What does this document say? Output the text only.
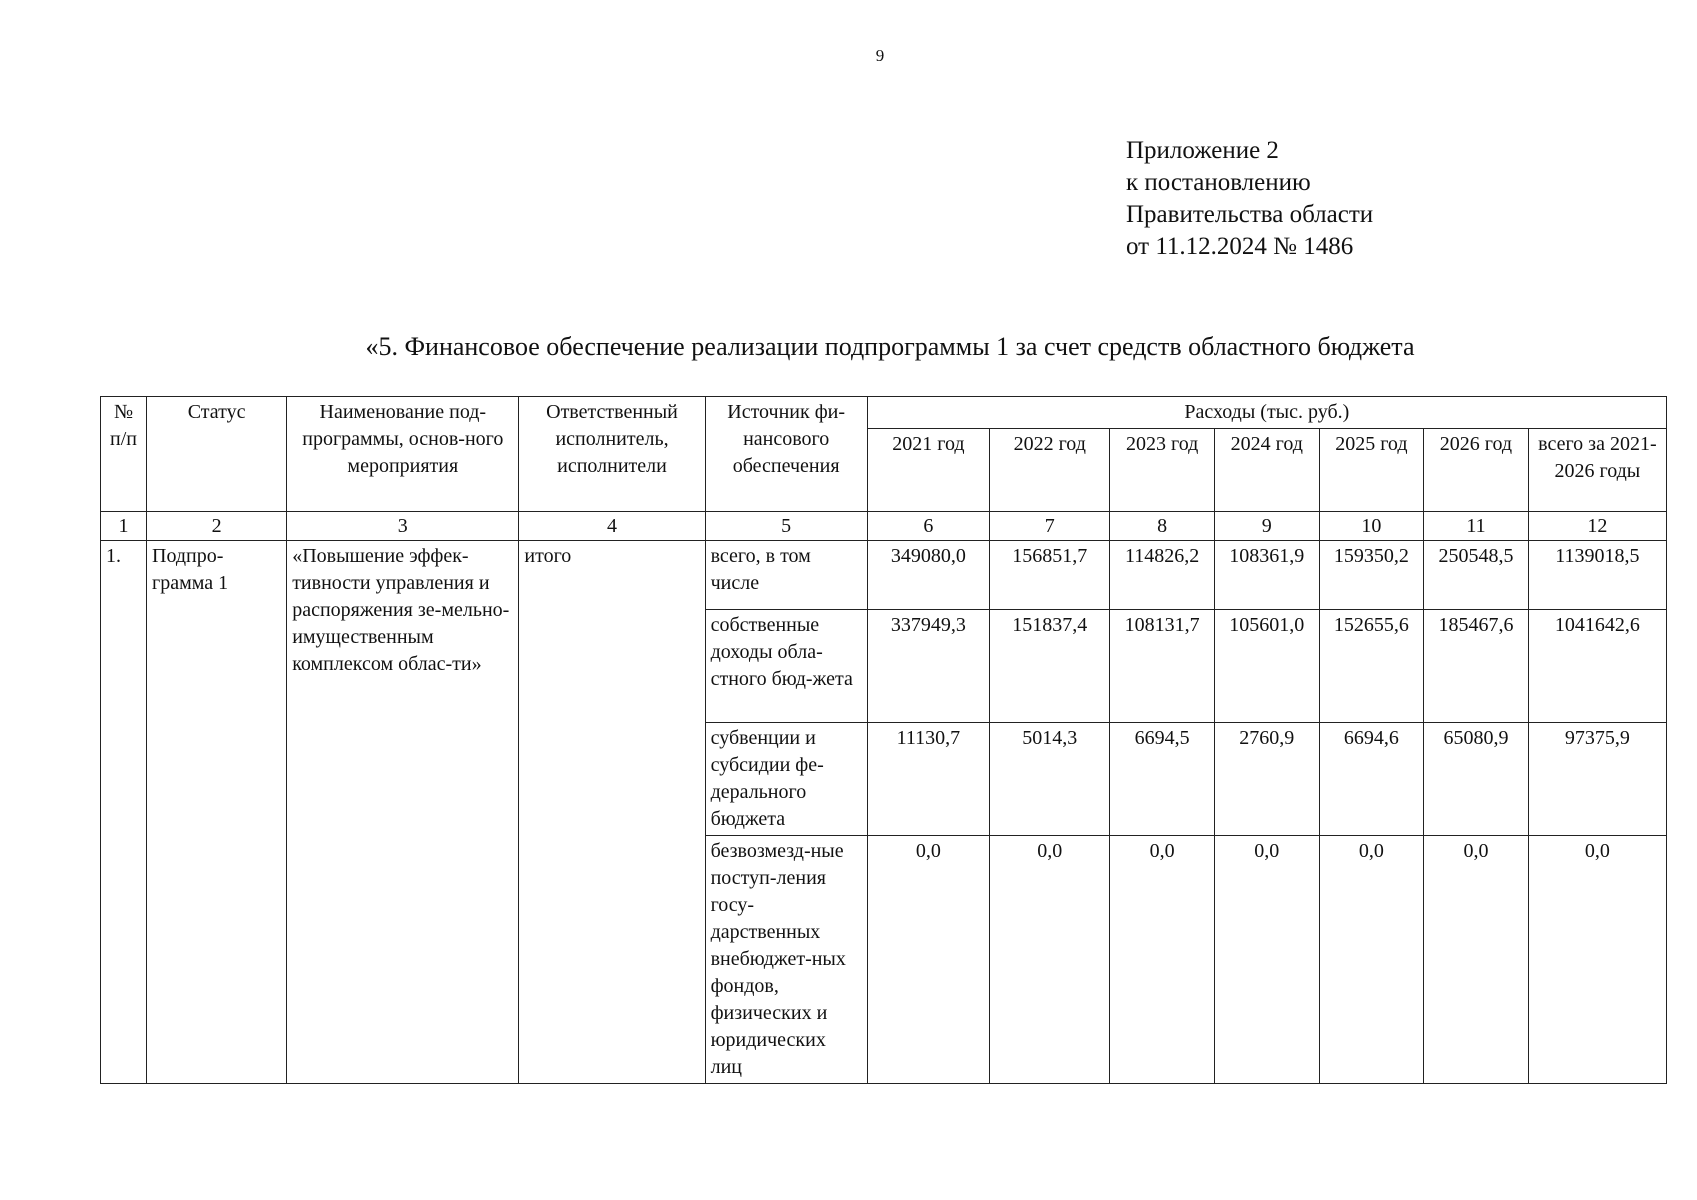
9
Приложение 2
к постановлению
Правительства области
от 11.12.2024 № 1486
«5. Финансовое обеспечение реализации подпрограммы 1 за счет средств областного бюджета
№ п/п	Статус	Наименование под-программы, основ-ного мероприятия	Ответственный исполнитель, исполнители	Источник фи-нансового обеспечения	Расходы (тыс. руб.)						
					2021 год	2022 год	2023 год	2024 год	2025 год	2026 год	всего за 2021-2026 годы
1	2	3	4	5	6	7	8	9	10	11	12
1.	Подпро-грамма 1	«Повышение эффек-тивности управления и распоряжения зе-мельно-имущественным комплексом облас-ти»	итого	всего, в том числе	349080,0	156851,7	114826,2	108361,9	159350,2	250548,5	1139018,5
				собственные доходы обла-стного бюд-жета	337949,3	151837,4	108131,7	105601,0	152655,6	185467,6	1041642,6
				субвенции и субсидии фе-дерального бюджета	11130,7	5014,3	6694,5	2760,9	6694,6	65080,9	97375,9
				безвозмезд-ные поступ-ления госу-дарственных внебюджет-ных фондов, физических и юридических лиц	0,0	0,0	0,0	0,0	0,0	0,0	0,0
